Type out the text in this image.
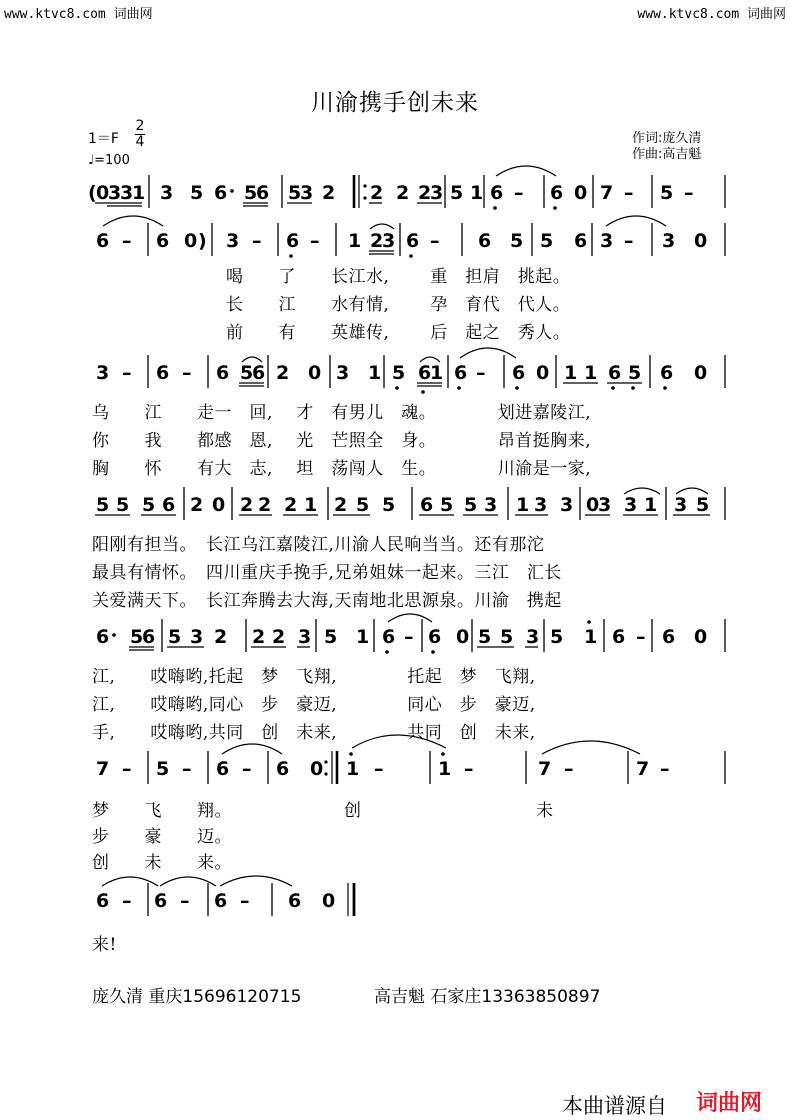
www.ktvc8.com 词曲网	www.ktvc8.com 词曲网
川渝携手创未来
1＝F
2
4
♩=100
作词:庞久清
作曲:高吉魁
( 0
3
3
1 3 5 6 5
6 5
3 2 2 2 2
3 5 1 6 – 6 0 7 – 5 –
6 – 6 0 ) 3 – 6 – 1 2
3 6 – 6 5 5 6 3 – 3 0
3 – 6 – 6 5
6 2 0 3 1 5 6
1 6 – 6 0 1 1 6 5 6 0
5 5 5 6 2 0 2 2 2 1 2 5 5 6 5 5 3 1 3 3 0
3 3 1 3 5
6 5
6 5 3 2 2 2 3 5 1 6 – 6 0 5 5 3 5 1 6 – 6 0
7 – 5 – 6 – 6 0 1 –	1 –	7 –	7 –
6 – 6 – 6 – 6 0
喝　　了　　长江水,　　 重　担肩　挑起。
长　　江　　水有情,　　 孕　育代　代人。
前　　有　　英雄传,　　 后　起之　秀人。
乌　　江　　走一　回,　 才　有男儿　魂。　　　　划进嘉陵江,
你　　我　　都感　恩,　 光　芒照全　身。　　　　昂首挺胸来,
胸　　怀　　有大　志,　 坦　荡闯人　生。　　　　川渝是一家,
阳刚有担当。　长江乌江嘉陵江,川渝人民响当当。还有那沱
最具有情怀。　四川重庆手挽手,兄弟姐妹一起来。三江　汇长
关爱满天下。　长江奔腾去大海,天南地北思源泉。川渝　携起
江,　　哎嗨哟,托起　梦　飞翔,　　　　托起　梦　飞翔,
江,　　哎嗨哟,同心　步　豪迈,　　　　同心　步　豪迈,
手,　　哎嗨哟,共同　创　未来,　　　　共同　创　未来,
梦　　飞　　翔。
步　　豪　　迈。
创　　未　　来。
创	未
来!
庞久清 重庆15696120715	高吉魁 石家庄13363850897
本曲谱源自 词曲网
